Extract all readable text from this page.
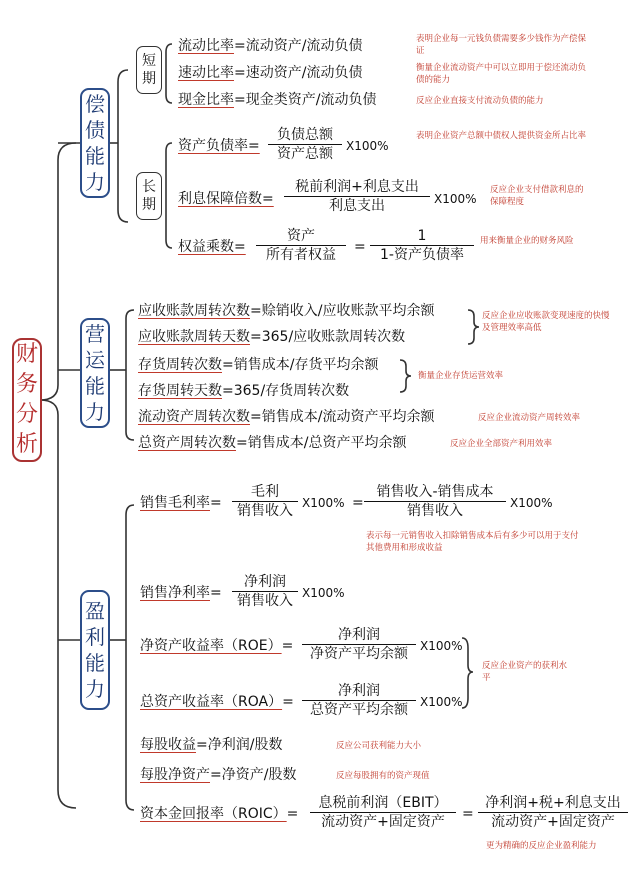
财
务
分
析
偿
债
能
力
营
运
能
力
盈
利
能
力
短
期
长
期
流动比率=流动资产/流动负债	表明企业每一元钱负债需要多少钱作为产偿保证
速动比率=速动资产/流动负债	衡量企业流动资产中可以立即用于偿还流动负债的能力
现金比率=现金类资产/流动负债	反应企业直接支付流动负债的能力
资产负债率=
负债总额
资产总额	X100%
表明企业资产总额中债权人提供资金所占比率
利息保障倍数=
税前利润+利息支出
利息支出	X100%
反应企业支付借款利息的保障程度
权益乘数=
资产
所有者权益	=
1
1-资产负债率
用来衡量企业的财务风险
应收账款周转次数=赊销收入/应收账款平均余额
应收账款周转天数=365/应收账款周转次数
反应企业应收账款变现速度的快慢及管理效率高低
存货周转次数=销售成本/存货平均余额
存货周转天数=365/存货周转次数
衡量企业存货运营效率
流动资产周转次数=销售成本/流动资产平均余额	反应企业流动资产周转效率
总资产周转次数=销售成本/总资产平均余额	反应企业全部资产利用效率
销售毛利率=
毛利
销售收入 X100% =
销售收入-销售成本
销售收入	X100%
表示每一元销售收入扣除销售成本后有多少可以用于支付其他费用和形成收益
销售净利率=
净利润
销售收入 X100%
净资产收益率（ROE）=
净利润
净资产平均余额	X100%
总资产收益率（ROA）=
净利润
总资产平均余额	X100%
反应企业资产的获利水平
每股收益=净利润/股数	反应公司获利能力大小
每股净资产=净资产/股数	反应每股拥有的资产现值
资本金回报率（ROIC）=
息税前利润（EBIT）
流动资产+固定资产	=
净利润+税+利息支出
流动资产+固定资产
更为精确的反应企业盈利能力
